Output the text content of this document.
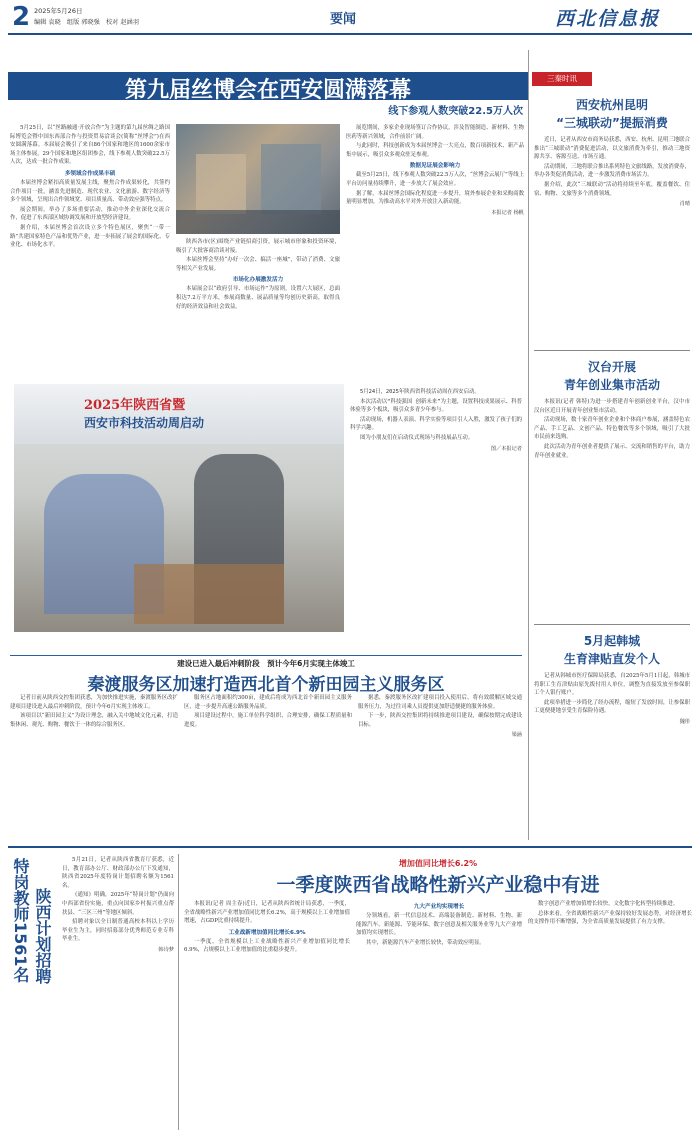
2 2025年5月26日
编辑 袁晓　组版 郭晓强　校对 赵涵羽	要闻	西北信息报
第九届丝博会在西安圆满落幕
线下参观人数突破22.5万人次

5月25日，以“丝路融通·开放合作”为主题的第九届丝绸之路国际博览会暨中国东西部合作与投资贸易洽谈会(简称“丝博会”)在西安圆满落幕。本届展会吸引了来自86个国家和地区的1600余家市场主体参展，29个国家和地区组团参会，线下参观人数突破22.5万人次，达成一批合作成果。

多领域合作成果丰硕

本届丝博会紧扣高质量发展主线，聚焦合作成果转化，共签约合作项目一批，涵盖先进制造、现代农业、文化旅游、数字经济等多个领域，呈现出合作领域宽、项目质量高、带动效应强等特点。

展会期间，举办了多场重要活动，推动中外企业深化交流合作，促进了东西部区域协调发展和开放型经济建设。

据介绍，本届丝博会首次设立多个特色展区，聚焦“一带一路”共建国家特色产品和优势产业，进一步拓展了展会的国际化、专业化、市场化水平。

陕西各市(区)围绕产业链招商引资，展示城市形象和投资环境，吸引了大批客商洽谈对接。

本届丝博会坚持“办好一次会、搞活一座城”，带动了消费、文旅等相关产业发展。

市场化办展激发活力

本届展会以“政府引导、市场运作”为原则，设置六大展区，总面积达7.2万平方米，参展商数量、展品质量等均创历史新高，取得良好的经济效益和社会效益。

展览期间，多家企业现场签订合作协议，涉及智能制造、新材料、生物医药等新兴领域，合作前景广阔。

与此同时，科技创新成为本届丝博会一大亮点，数百项新技术、新产品集中展示，吸引众多观众驻足参观。

数据见证展会影响力

截至5月25日，线下参观人数突破22.5万人次，“丝博会云展厅”等线上平台访问量持续攀升，进一步放大了展会效应。

据了解，本届丝博会国际化程度进一步提升，境外参展企业和采购商数量明显增加，为推动高水平对外开放注入新动能。

本报记者 杨帆
2025年陕西省暨
西安市科技活动周启动

5月24日，2025年陕西省科技活动周在西安启动。

本次活动以“科技强国 创新未来”为主题，设置科技成果展示、科普体验等多个板块，吸引众多青少年参与。

活动现场，机器人表演、科学实验等项目引人入胜，激发了孩子们的科学兴趣。

图为小朋友们在启动仪式现场与科技展品互动。

图／本报记者
建设已进入最后冲刺阶段　预计今年6月实现主体竣工
秦渡服务区加速打造西北首个新田园主义服务区

记者日前从陕西交控集团获悉，为加快推进实施，秦渡服务区改扩建项目建设进入最后冲刺阶段，预计今年6月实现主体竣工。

该项目以“新田园主义”为设计理念，融入关中地域文化元素，打造集休闲、观光、购物、餐饮于一体的综合服务区。

服务区占地面积约300亩，建成后将成为西北首个新田园主义服务区，进一步提升高速公路服务品质。

项目建设过程中，施工单位科学组织、合理安排，确保工程质量和进度。

据悉，秦渡服务区改扩建项目投入使用后，将有效缓解区域交通服务压力，为过往司乘人员提供更加舒适便捷的服务体验。

下一步，陕西交控集团将持续推进项目建设，确保按期完成建设目标。

梁涵
三秦时讯
西安杭州昆明
“三城联动”提振消费

近日，记者从西安市商务局获悉，西安、杭州、昆明三地联合推出“三城联动”消费促进活动，以文旅消费为牵引，推动三地资源共享、客源互送、市场互通。

活动期间，三地将联合推出系列特色文旅线路，发放消费券，举办各类促消费活动，进一步激发消费市场活力。

据介绍，此次“三城联动”活动将持续至年底，覆盖餐饮、住宿、购物、文旅等多个消费领域。

肖晴
汉台开展
青年创业集市活动

本报讯(记者 韩特)为进一步搭建青年创新创业平台，汉中市汉台区近日开展青年创业集市活动。

活动现场，数十家青年创业企业和个体商户参展，涵盖特色农产品、手工艺品、文创产品、特色餐饮等多个领域，吸引了大批市民前来选购。

此次活动为青年创业者提供了展示、交流和销售的平台，助力青年创业就业。

5月起韩城
生育津贴直发个人

记者从韩城市医疗保障局获悉，自2025年5月1日起，韩城市将职工生育津贴由原先拨付用人单位，调整为直接发放至参保职工个人银行账户。

此项举措进一步简化了经办流程，缩短了发放时间，让参保职工更便捷地享受生育保险待遇。

魏彤
特岗教师1561名 陕西计划招聘

5月21日，记者从陕西省教育厅获悉，近日，教育部办公厅、财政部办公厅下发通知，陕西省2025年度特岗计划招聘名额为1561名。

《通知》明确，2025年“特岗计划”仍面向中西部省份实施，重点向国家乡村振兴重点帮扶县、“三区三州”等地区倾斜。

招聘对象以全日制普通高校本科以上学历毕业生为主，同时招募部分优秀师范专业专科毕业生。

韩诗梦
增加值同比增长6.2%
一季度陕西省战略性新兴产业稳中有进

本报讯(记者 周主春)近日，记者从陕西省统计局获悉，一季度，全省战略性新兴产业增加值同比增长6.2%，高于规模以上工业增加值增速，占GDP比重持续提升。

工业战新增加值同比增长6.9%

一季度，全省规模以上工业战略性新兴产业增加值同比增长6.9%，占规模以上工业增加值的比重稳步提升。

九大产业均实现增长

分领域看，新一代信息技术、高端装备制造、新材料、生物、新能源汽车、新能源、节能环保、数字创意及相关服务业等九大产业增加值均实现增长。

其中，新能源汽车产业增长较快，带动效应明显。

数字创意产业增加值增长较快，文化数字化转型持续推进。

总体来看，全省战略性新兴产业保持较好发展态势，对经济增长的支撑作用不断增强，为全省高质量发展提供了有力支撑。
